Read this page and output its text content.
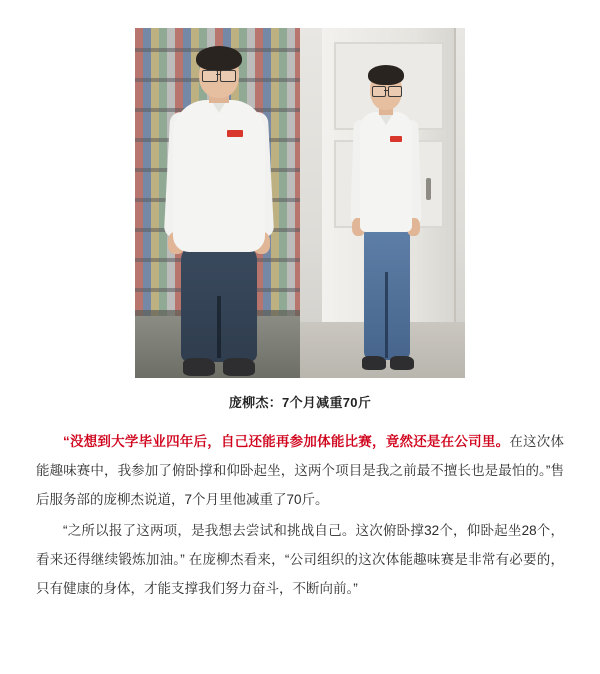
庞柳杰：7个月减重70斤

“没想到大学毕业四年后，自己还能再参加体能比赛，竟然还是在公司里。在这次体能趣味赛中，我参加了俯卧撑和仰卧起坐，这两个项目是我之前最不擅长也是最怕的。”售后服务部的庞柳杰说道，7个月里他减重了70斤。

“之所以报了这两项，是我想去尝试和挑战自己。这次俯卧撑32个，仰卧起坐28个，看来还得继续锻炼加油。” 在庞柳杰看来，“公司组织的这次体能趣味赛是非常有必要的，只有健康的身体，才能支撑我们努力奋斗，不断向前。”
